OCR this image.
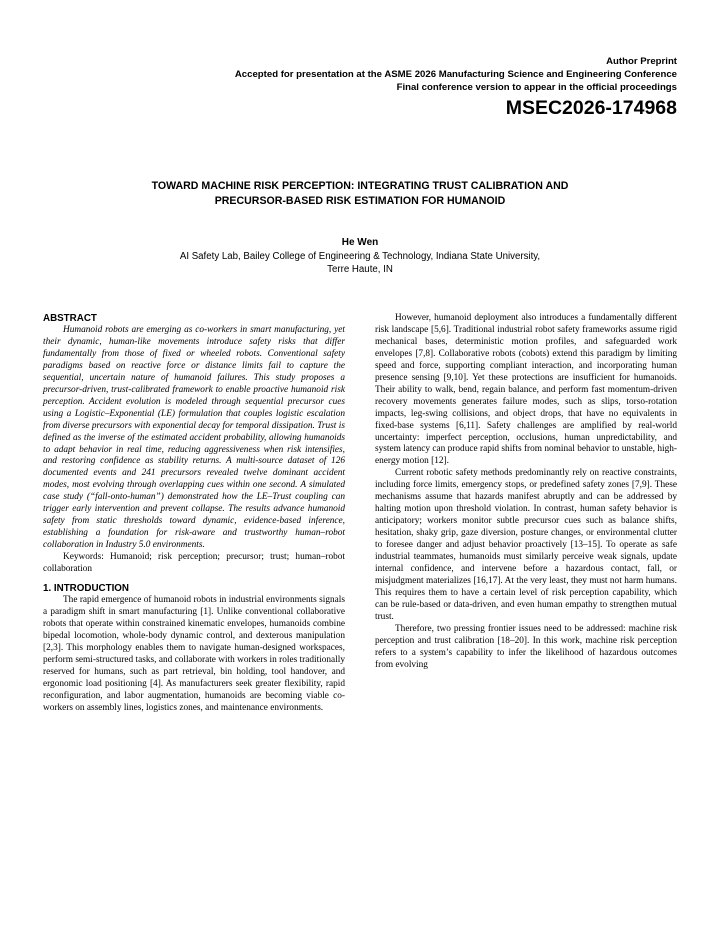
Author Preprint
Accepted for presentation at the ASME 2026 Manufacturing Science and Engineering Conference
Final conference version to appear in the official proceedings
MSEC2026-174968
TOWARD MACHINE RISK PERCEPTION: INTEGRATING TRUST CALIBRATION AND
PRECURSOR-BASED RISK ESTIMATION FOR HUMANOID
He Wen
AI Safety Lab, Bailey College of Engineering & Technology, Indiana State University,
Terre Haute, IN
ABSTRACT

Humanoid robots are emerging as co-workers in smart manufacturing, yet their dynamic, human-like movements introduce safety risks that differ fundamentally from those of fixed or wheeled robots. Conventional safety paradigms based on reactive force or distance limits fail to capture the sequential, uncertain nature of humanoid failures. This study proposes a precursor-driven, trust-calibrated framework to enable proactive humanoid risk perception. Accident evolution is modeled through sequential precursor cues using a Logistic–Exponential (LE) formulation that couples logistic escalation from diverse precursors with exponential decay for temporal dissipation. Trust is defined as the inverse of the estimated accident probability, allowing humanoids to adapt behavior in real time, reducing aggressiveness when risk intensifies, and restoring confidence as stability returns. A multi-source dataset of 126 documented events and 241 precursors revealed twelve dominant accident modes, most evolving through overlapping cues within one second. A simulated case study (“fall-onto-human”) demonstrated how the LE–Trust coupling can trigger early intervention and prevent collapse. The results advance humanoid safety from static thresholds toward dynamic, evidence-based inference, establishing a foundation for risk-aware and trustworthy human–robot collaboration in Industry 5.0 environments.

Keywords: Humanoid; risk perception; precursor; trust; human–robot collaboration

1. INTRODUCTION

The rapid emergence of humanoid robots in industrial environments signals a paradigm shift in smart manufacturing [1]. Unlike conventional collaborative robots that operate within constrained kinematic envelopes, humanoids combine bipedal locomotion, whole-body dynamic control, and dexterous manipulation [2,3]. This morphology enables them to navigate human-designed workspaces, perform semi-structured tasks, and collaborate with workers in roles traditionally reserved for humans, such as part retrieval, bin holding, tool handover, and ergonomic load positioning [4]. As manufacturers seek greater flexibility, rapid reconfiguration, and labor augmentation, humanoids are becoming viable co-workers on assembly lines, logistics zones, and maintenance environments.

However, humanoid deployment also introduces a fundamentally different risk landscape [5,6]. Traditional industrial robot safety frameworks assume rigid mechanical bases, deterministic motion profiles, and safeguarded work envelopes [7,8]. Collaborative robots (cobots) extend this paradigm by limiting speed and force, supporting compliant interaction, and incorporating human presence sensing [9,10]. Yet these protections are insufficient for humanoids. Their ability to walk, bend, regain balance, and perform fast momentum-driven recovery movements generates failure modes, such as slips, torso-rotation impacts, leg-swing collisions, and object drops, that have no equivalents in fixed-base systems [6,11]. Safety challenges are amplified by real-world uncertainty: imperfect perception, occlusions, human unpredictability, and system latency can produce rapid shifts from nominal behavior to unstable, high-energy motion [12].

Current robotic safety methods predominantly rely on reactive constraints, including force limits, emergency stops, or predefined safety zones [7,9]. These mechanisms assume that hazards manifest abruptly and can be addressed by halting motion upon threshold violation. In contrast, human safety behavior is anticipatory; workers monitor subtle precursor cues such as balance shifts, hesitation, shaky grip, gaze diversion, posture changes, or environmental clutter to foresee danger and adjust behavior proactively [13–15]. To operate as safe industrial teammates, humanoids must similarly perceive weak signals, update internal confidence, and intervene before a hazardous contact, fall, or misjudgment materializes [16,17]. At the very least, they must not harm humans. This requires them to have a certain level of risk perception capability, which can be rule-based or data-driven, and even human empathy to strengthen mutual trust.

Therefore, two pressing frontier issues need to be addressed: machine risk perception and trust calibration [18–20]. In this work, machine risk perception refers to a system’s capability to infer the likelihood of hazardous outcomes from evolving
